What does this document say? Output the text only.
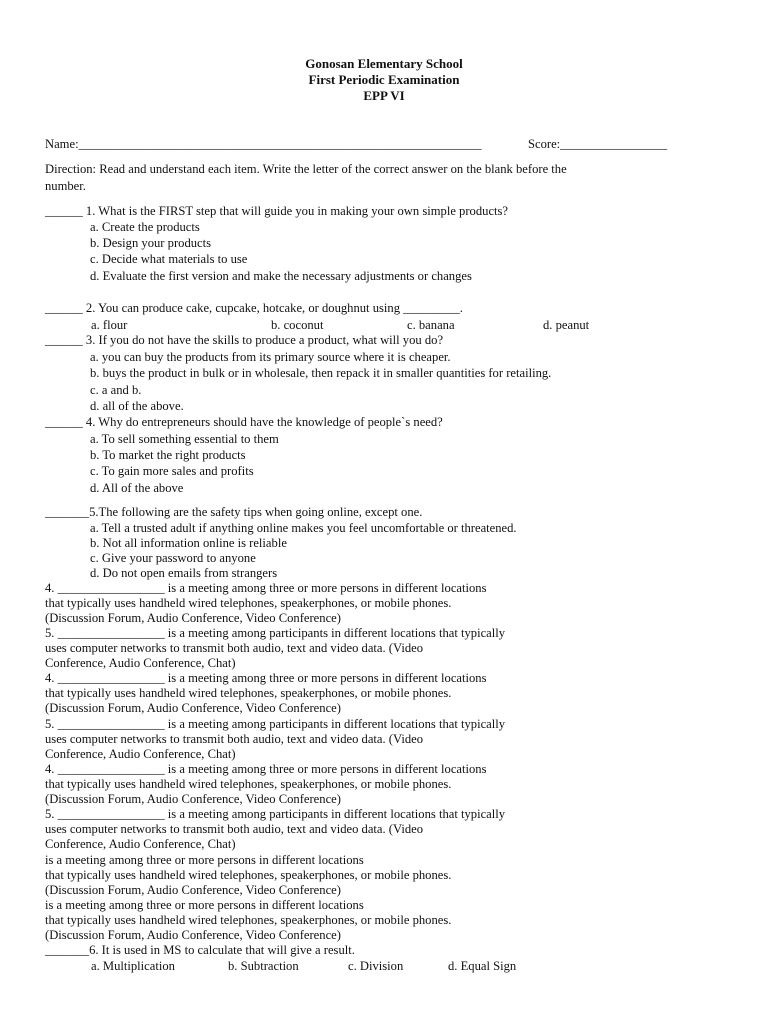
Gonosan Elementary School
First Periodic Examination
EPP VI
Name:________________________________________________________________	Score:_________________
Direction: Read and understand each item. Write the letter of the correct answer on the blank before the
number.
______ 1. What is the FIRST step that will guide you in making your own simple products?
a. Create the products
b. Design your products
c. Decide what materials to use
d. Evaluate the first version and make the necessary adjustments or changes
______ 2. You can produce cake, cupcake, hotcake, or doughnut using _________.
a. flour	b. coconut	c. banana	d. peanut
______ 3. If you do not have the skills to produce a product, what will you do?
a. you can buy the products from its primary source where it is cheaper.
b. buys the product in bulk or in wholesale, then repack it in smaller quantities for retailing.
c. a and b.
d. all of the above.
______ 4. Why do entrepreneurs should have the knowledge of people`s need?
a. To sell something essential to them
b. To market the right products
c. To gain more sales and profits
d. All of the above
_______5.The following are the safety tips when going online, except one.
a. Tell a trusted adult if anything online makes you feel uncomfortable or threatened.
b. Not all information online is reliable
c. Give your password to anyone
d. Do not open emails from strangers
4. _________________ is a meeting among three or more persons in different locations
that typically uses handheld wired telephones, speakerphones, or mobile phones.
(Discussion Forum, Audio Conference, Video Conference)
5. _________________ is a meeting among participants in different locations that typically
uses computer networks to transmit both audio, text and video data. (Video
Conference, Audio Conference, Chat)
4. _________________ is a meeting among three or more persons in different locations
that typically uses handheld wired telephones, speakerphones, or mobile phones.
(Discussion Forum, Audio Conference, Video Conference)
5. _________________ is a meeting among participants in different locations that typically
uses computer networks to transmit both audio, text and video data. (Video
Conference, Audio Conference, Chat)
4. _________________ is a meeting among three or more persons in different locations
that typically uses handheld wired telephones, speakerphones, or mobile phones.
(Discussion Forum, Audio Conference, Video Conference)
5. _________________ is a meeting among participants in different locations that typically
uses computer networks to transmit both audio, text and video data. (Video
Conference, Audio Conference, Chat)
is a meeting among three or more persons in different locations
that typically uses handheld wired telephones, speakerphones, or mobile phones.
(Discussion Forum, Audio Conference, Video Conference)
is a meeting among three or more persons in different locations
that typically uses handheld wired telephones, speakerphones, or mobile phones.
(Discussion Forum, Audio Conference, Video Conference)
_______6. It is used in MS to calculate that will give a result.
a. Multiplication	b. Subtraction	c. Division	d. Equal Sign
